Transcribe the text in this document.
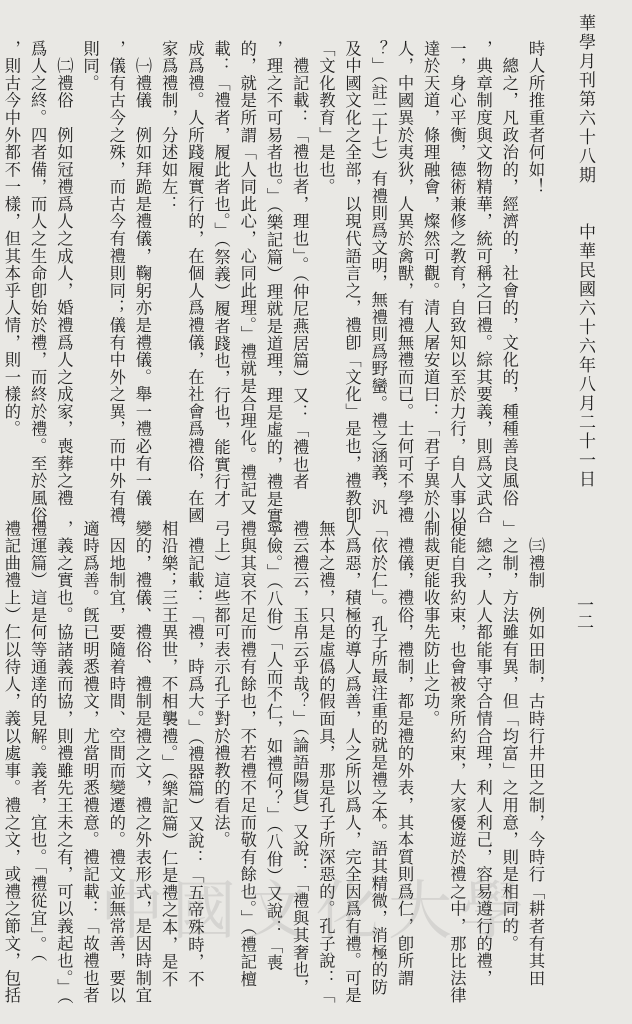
華學月刊第六十八期　　中華民國六十六年八月二十一日
時人所推重者何如！
　總之，凡政治的，經濟的，社會的，文化的，種種善良風俗
，典章制度與文物精華，統可稱之曰禮。綜其要義，則爲文武合
一，身心平衡，德術兼修之教育，自致知以至於力行，自人事以
達於天道，條理融會，燦然可觀。清人屠安道曰：「君子異於小
人，中國異於夷狄，人異於禽獸，有禮無禮而已。士何可不學禮
？」（註二十七）有禮則爲文明，無禮則爲野蠻。禮之涵義，汎
及中國文化之全部，以現代語言之，禮卽「文化」是也，禮教卽
「文化教育」是也。
　禮記載：「禮也者，理也」。（仲尼燕居篇）又：「禮也者
，理之不可易者也。」（樂記篇）理就是道理，理是虛的，禮是實
的，就是所謂「人同此心，心同此理。」禮就是合理化。禮記又
載：「禮者，履此者也。」（祭義）履者踐也，行也，能實行才
成爲禮。人所踐履實行的，在個人爲禮儀，在社會爲禮俗，在國
家爲禮制，分述如左：
　㈠禮儀　例如拜跪是禮儀，鞠躬亦是禮儀。舉一禮必有一儀
，儀有古今之殊，而古今有禮則同；儀有中外之異，而中外有禮
則同。
　㈡禮俗　例如冠禮爲人之成人，婚禮爲人之成家，喪葬之禮
爲人之終。四者備，而人之生命卽始於禮，而終於禮。至於風俗
，則古今中外都不一樣，但其本乎人情，則一樣的。
　㈢禮制　例如田制，古時行井田之制，今時行「耕者有其田
」之制，方法雖有異，但「均富」之用意，則是相同的。
　總之，人人都能事守合情合理，利人利己，容易遵行的禮，
便能自我約束，也會被衆所約束，大家優遊於禮之中，那比法律
制裁更能收事先防止之功。
　禮儀，禮俗，禮制，都是禮的外表，其本質則爲仁，卽所謂
「依於仁」。孔子所最注重的就是禮之本。語其精微，消極的防
人爲惡，積極的導人爲善，人之所以爲人，完全因爲有禮。可是
無本之禮，只是虛僞的假面具，那是孔子所深惡的。孔子說：「
禮云禮云，玉帛云乎哉？」（論語陽貨）又說：「禮與其奢也，
寧儉。」（八佾）「人而不仁，如禮何？」（八佾）又說：「喪
禮與其哀不足而禮有餘也，不若禮不足而敬有餘也。」（禮記檀
弓上）這些都可表示孔子對於禮教的看法。
　禮記載：「禮，時爲大。」（禮器篇）又說：「五帝殊時，不
相沿樂；三王異世，不相襲禮。」（樂記篇）仁是禮之本，是不
變的，禮儀、禮俗、禮制是禮之文，禮之外表形式，是因時制宜
，因地制宜，要隨着時間、空間而變遷的。禮文並無常善，要以
適時爲善。旣已明悉禮文，尤當明悉禮意。禮記載：「故禮也者
，義之實也。協諸義而協，則禮雖先王未之有，可以義起也。」（
禮運篇）這是何等通達的見解。義者，宜也。「禮從宜」。（
禮記曲禮上）仁以待人，義以處事。禮之文，或禮之節文，包括	一二
中國文化大學
